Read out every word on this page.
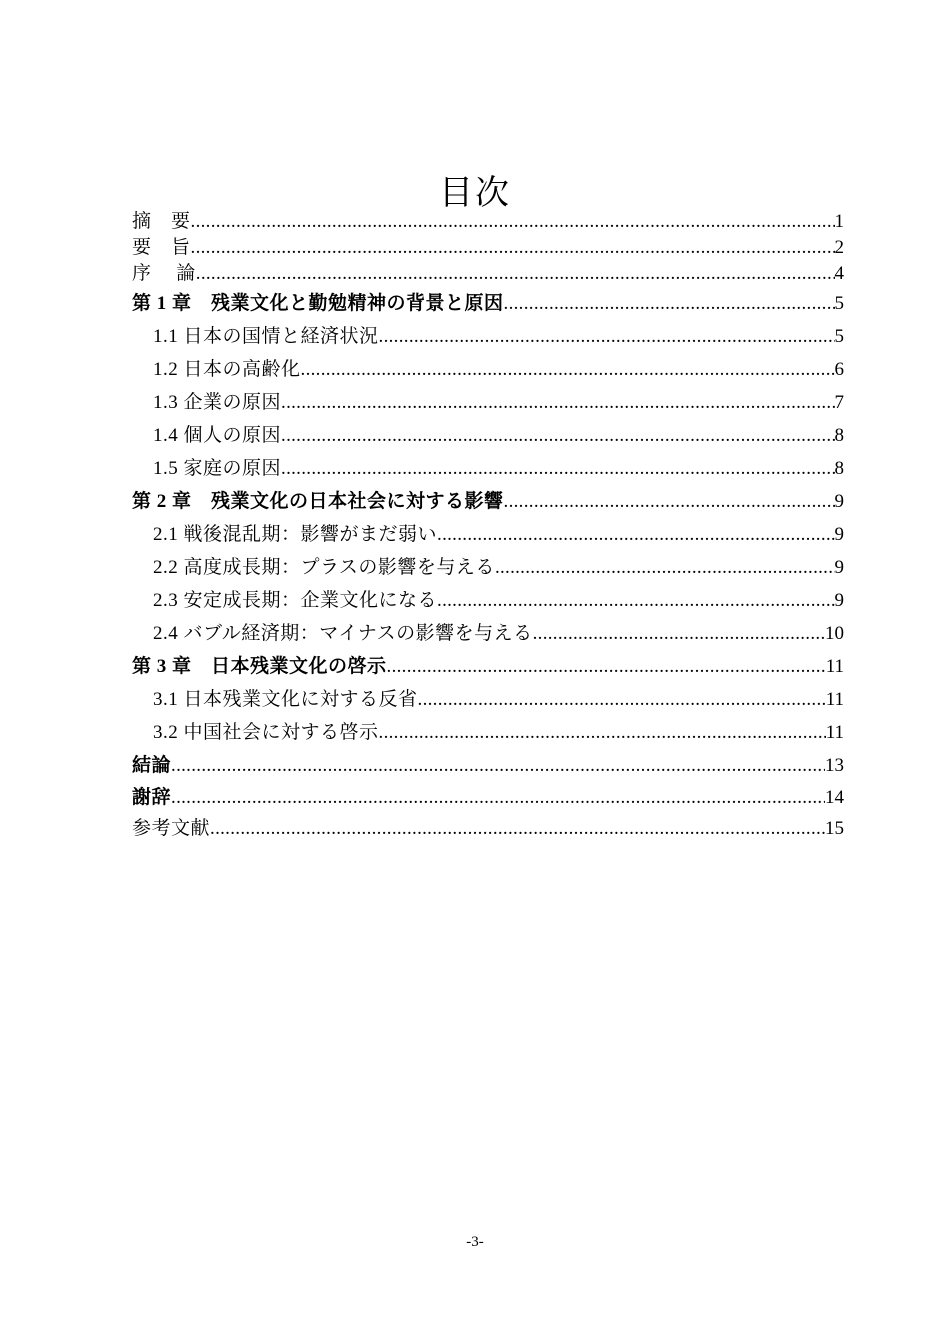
目次
摘　要 .....	1
要　旨 .....	2
序　 論 .....	4
第 1 章　残業文化と勤勉精神の背景と原因 .....	5
1.1 日本の国情と経済状況 .....	5
1.2 日本の高齢化 .....	6
1.3 企業の原因 .....	7
1.4 個人の原因 .....	8
1.5 家庭の原因 .....	8
第 2 章　残業文化の日本社会に対する影響 .....	9
2.1 戦後混乱期：影響がまだ弱い .....	9
2.2 高度成長期：プラスの影響を与える .....	9
2.3 安定成長期：企業文化になる .....	9
2.4 バブル経済期：マイナスの影響を与える .....	10
第 3 章　日本残業文化の啓示 .....	11
3.1 日本残業文化に対する反省 .....	11
3.2 中国社会に対する啓示 .....	11
結論 .....	13
謝辞 .....	14
参考文献 .....	15
-3-
